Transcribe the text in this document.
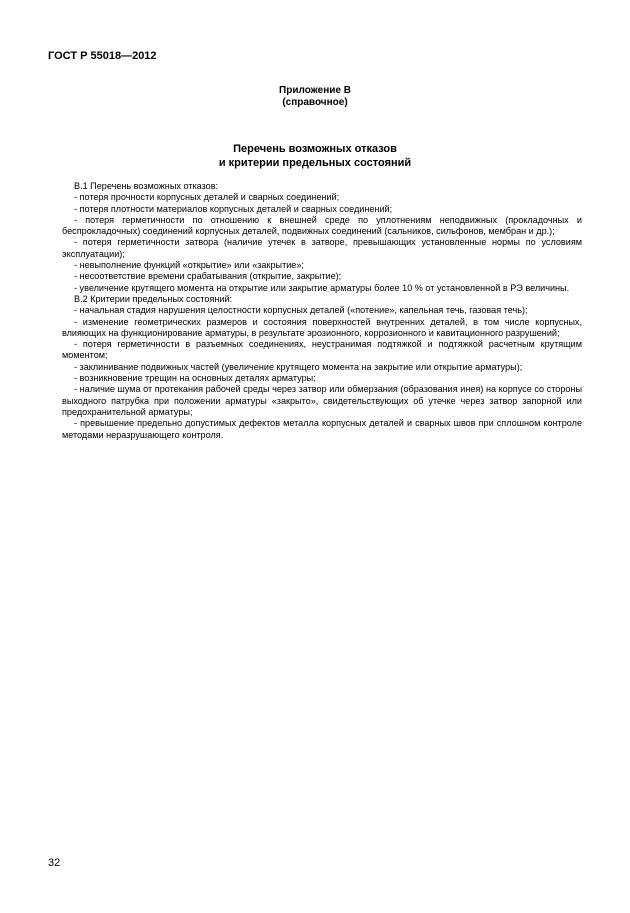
ГОСТ Р 55018—2012
Приложение В
(справочное)
Перечень возможных отказов
и критерии предельных состояний

В.1 Перечень возможных отказов:

- потеря прочности корпусных деталей и сварных соединений;

- потеря плотности материалов корпусных деталей и сварных соединений;

- потеря герметичности по отношению к внешней среде по уплотнениям неподвижных (прокладочных и беспрокладочных) соединений корпусных деталей, подвижных соединений (сальников, сильфонов, мембран и др.);

- потеря герметичности затвора (наличие утечек в затворе, превышающих установленные нормы по условиям эксплуатации);

- невыполнение функций «открытие» или «закрытие»;

- несоответствие времени срабатывания (открытие, закрытие);

- увеличение крутящего момента на открытие или закрытие арматуры более 10 % от установленной в РЭ величины.

В.2 Критерии предельных состояний:

- начальная стадия нарушения целостности корпусных деталей («потение», капельная течь, газовая течь);

- изменение геометрических размеров и состояния поверхностей внутренних деталей, в том числе корпусных, влияющих на функционирование арматуры, в результате эрозионного, коррозионного и кавитационного разрушений;

- потеря герметичности в разъемных соединениях, неустранимая подтяжкой и подтяжкой расчетным крутящим моментом;

- заклинивание подвижных частей (увеличение крутящего момента на закрытие или открытие арматуры);

- возникновение трещин на основных деталях арматуры;

- наличие шума от протекания рабочей среды через затвор или обмерзания (образования инея) на корпусе со стороны выходного патрубка при положении арматуры «закрыто», свидетельствующих об утечке через затвор запорной или предохранительной арматуры;

- превышение предельно допустимых дефектов металла корпусных деталей и сварных швов при сплошном контроле методами неразрушающего контроля.

32
